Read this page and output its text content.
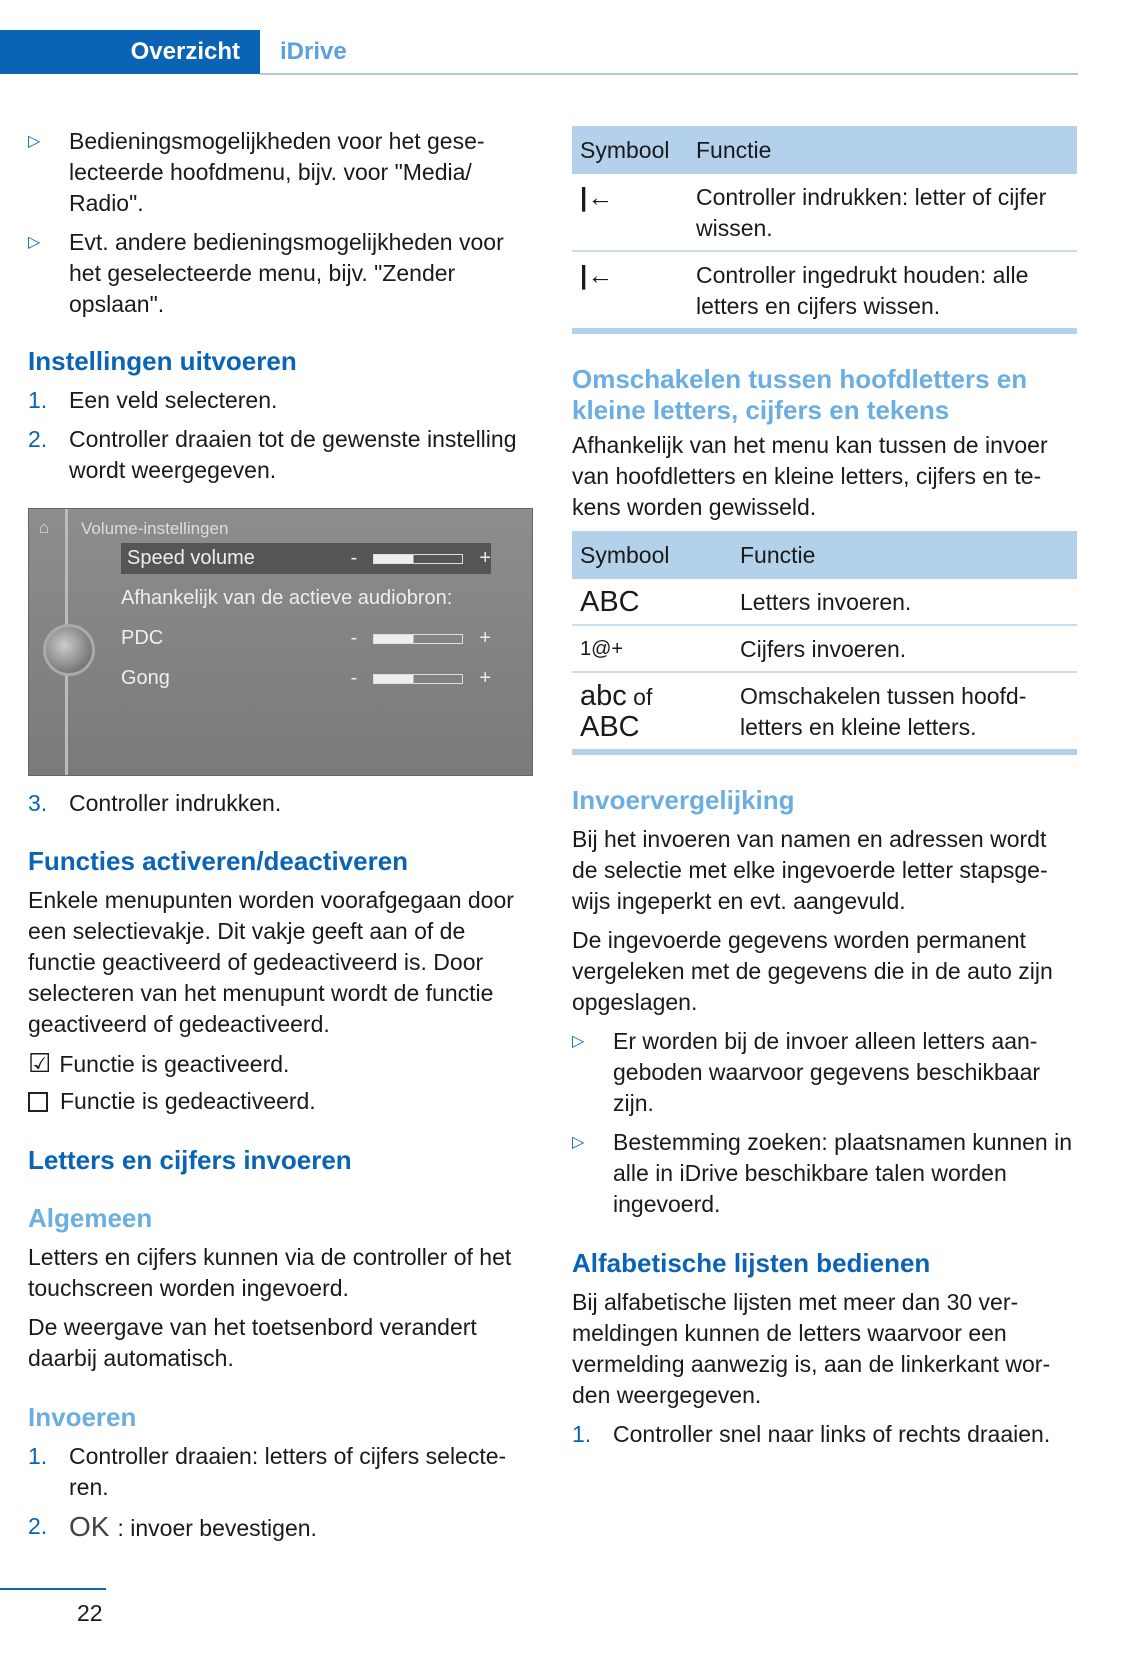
Overzicht	iDrive
▷ Bedieningsmogelijkheden voor het geselecteerde hoofdmenu, bijv. voor "Media/ Radio".
▷ Evt. andere bedieningsmogelijkheden voor het geselecteerde menu, bijv. "Zender opslaan".
Instellingen uitvoeren
1. Een veld selecteren.
2. Controller draaien tot de gewenste instelling wordt weergegeven.
⌂ Volume-instellingen
Speed volume	-	+
Afhankelijk van de actieve audiobron:
PDC	-	+
Gong	-	+
3. Controller indrukken.
Functies activeren/deactiveren

Enkele menupunten worden voorafgegaan door een selectievakje. Dit vakje geeft aan of de functie geactiveerd of gedeactiveerd is. Door selecteren van het menupunt wordt de functie geactiveerd of gedeactiveerd.

☑ Functie is geactiveerd.
Functie is gedeactiveerd.
Letters en cijfers invoeren
Algemeen

Letters en cijfers kunnen via de controller of het touchscreen worden ingevoerd.

De weergave van het toetsenbord verandert daarbij automatisch.

Invoeren
1. Controller draaien: letters of cijfers selecteren.
2. OK : invoer bevestigen.
22
Symbool	Functie
|←	Controller indrukken: letter of cijfer wissen.
|←	Controller ingedrukt houden: alle letters en cijfers wissen.
Omschakelen tussen hoofdletters en kleine letters, cijfers en tekens

Afhankelijk van het menu kan tussen de invoer van hoofdletters en kleine letters, cijfers en tekens worden gewisseld.

Symbool	Functie
ABC	Letters invoeren.
1@+	Cijfers invoeren.
abc of
ABC	Omschakelen tussen hoofdletters en kleine letters.
Invoervergelijking

Bij het invoeren van namen en adressen wordt de selectie met elke ingevoerde letter stapsgewijs ingeperkt en evt. aangevuld.

De ingevoerde gegevens worden permanent vergeleken met de gegevens die in de auto zijn opgeslagen.

▷ Er worden bij de invoer alleen letters aangeboden waarvoor gegevens beschikbaar zijn.
▷ Bestemming zoeken: plaatsnamen kunnen in alle in iDrive beschikbare talen worden ingevoerd.
Alfabetische lijsten bedienen

Bij alfabetische lijsten met meer dan 30 vermeldingen kunnen de letters waarvoor een vermelding aanwezig is, aan de linkerkant worden weergegeven.

1. Controller snel naar links of rechts draaien.
